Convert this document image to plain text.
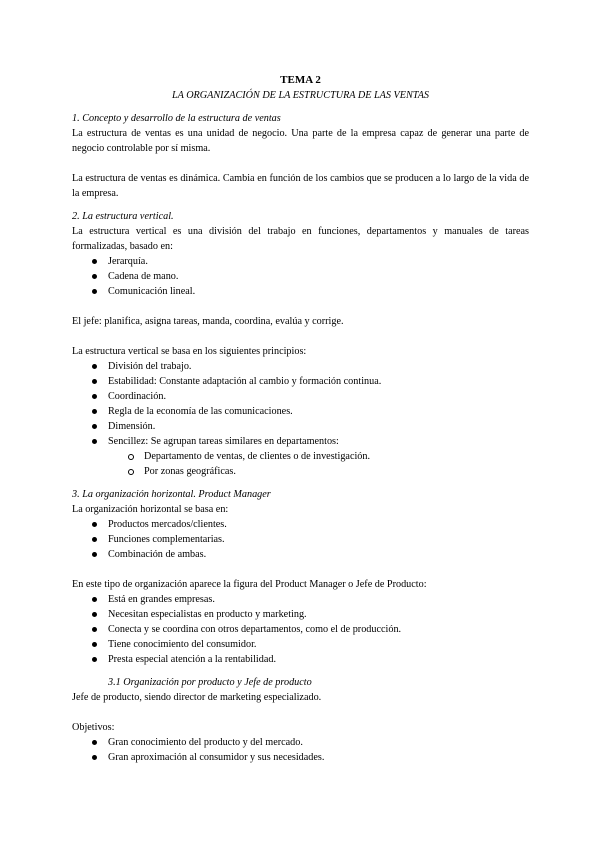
TEMA 2

LA ORGANIZACIÓN DE LA ESTRUCTURA DE LAS VENTAS

1. Concepto y desarrollo de la estructura de ventas

La estructura de ventas es una unidad de negocio. Una parte de la empresa capaz de generar una parte de negocio controlable por sí misma.

La estructura de ventas es dinámica. Cambia en función de los cambios que se producen a lo largo de la vida de la empresa.

2. La estructura vertical.

La estructura vertical es una división del trabajo en funciones, departamentos y manuales de tareas formalizadas, basado en:

Jerarquía.
Cadena de mano.
Comunicación lineal.

El jefe: planifica, asigna tareas, manda, coordina, evalúa y corrige.

La estructura vertical se basa en los siguientes principios:

División del trabajo.
Estabilidad: Constante adaptación al cambio y formación continua.
Coordinación.
Regla de la economía de las comunicaciones.
Dimensión.
Sencillez: Se agrupan tareas similares en departamentos:
Departamento de ventas, de clientes o de investigación.
Por zonas geográficas.

3. La organización horizontal. Product Manager

La organización horizontal se basa en:

Productos mercados/clientes.
Funciones complementarias.
Combinación de ambas.

En este tipo de organización aparece la figura del Product Manager o Jefe de Producto:

Está en grandes empresas.
Necesitan especialistas en producto y marketing.
Conecta y se coordina con otros departamentos, como el de producción.
Tiene conocimiento del consumidor.
Presta especial atención a la rentabilidad.

3.1 Organización por producto y Jefe de producto

Jefe de producto, siendo director de marketing especializado.

Objetivos:

Gran conocimiento del producto y del mercado.
Gran aproximación al consumidor y sus necesidades.
